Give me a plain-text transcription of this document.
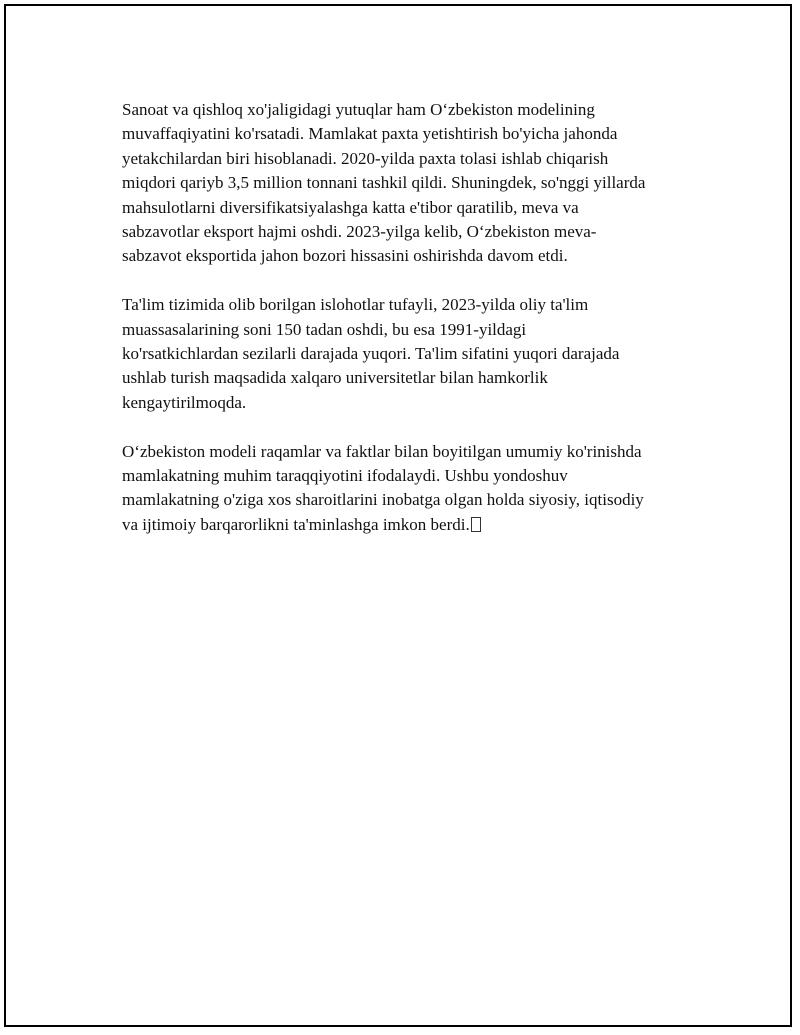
Sanoat va qishloq xo'jaligidagi yutuqlar ham O‘zbekiston modelining
muvaffaqiyatini ko'rsatadi. Mamlakat paxta yetishtirish bo'yicha jahonda
yetakchilardan biri hisoblanadi. 2020-yilda paxta tolasi ishlab chiqarish
miqdori qariyb 3,5 million tonnani tashkil qildi. Shuningdek, so'nggi yillarda
mahsulotlarni diversifikatsiyalashga katta e'tibor qaratilib, meva va
sabzavotlar eksport hajmi oshdi. 2023-yilga kelib, O‘zbekiston meva-
sabzavot eksportida jahon bozori hissasini oshirishda davom etdi.

Ta'lim tizimida olib borilgan islohotlar tufayli, 2023-yilda oliy ta'lim
muassasalarining soni 150 tadan oshdi, bu esa 1991-yildagi
ko'rsatkichlardan sezilarli darajada yuqori. Ta'lim sifatini yuqori darajada
ushlab turish maqsadida xalqaro universitetlar bilan hamkorlik
kengaytirilmoqda.

O‘zbekiston modeli raqamlar va faktlar bilan boyitilgan umumiy ko'rinishda
mamlakatning muhim taraqqiyotini ifodalaydi. Ushbu yondoshuv
mamlakatning o'ziga xos sharoitlarini inobatga olgan holda siyosiy, iqtisodiy
va ijtimoiy barqarorlikni ta'minlashga imkon berdi.
